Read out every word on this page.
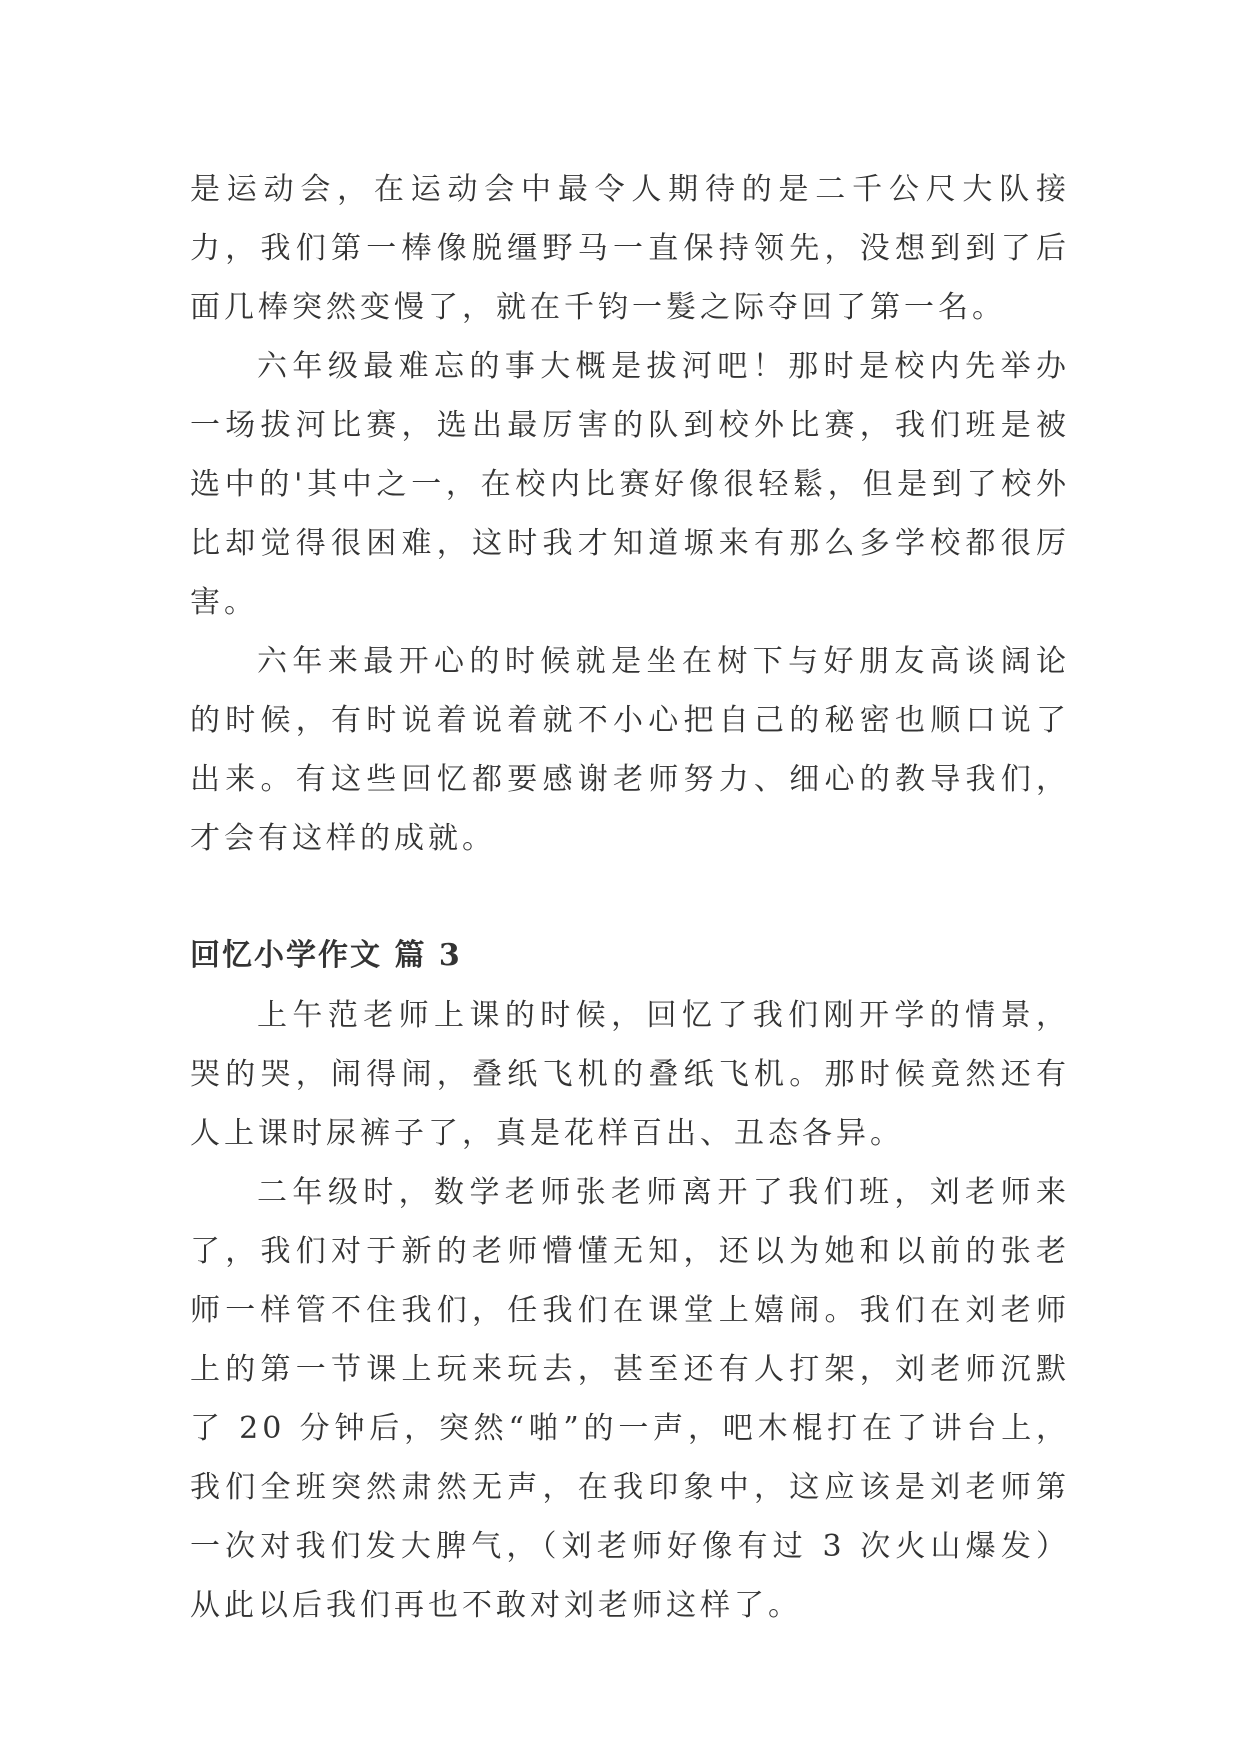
是运动会，在运动会中最令人期待的是二千公尺大队接力，我们第一棒像脱缰野马一直保持领先，没想到到了后面几棒突然变慢了，就在千钧一髮之际夺回了第一名。

六年级最难忘的事大概是拔河吧！那时是校内先举办一场拔河比赛，选出最厉害的队到校外比赛，我们班是被选中的'其中之一，在校内比赛好像很轻鬆，但是到了校外比却觉得很困难，这时我才知道塬来有那么多学校都很厉害。

六年来最开心的时候就是坐在树下与好朋友高谈阔论的时候，有时说着说着就不小心把自己的秘密也顺口说了出来。有这些回忆都要感谢老师努力、细心的教导我们，才会有这样的成就。

回忆小学作文 篇 3

上午范老师上课的时候，回忆了我们刚开学的情景，哭的哭，闹得闹，叠纸飞机的叠纸飞机。那时候竟然还有人上课时尿裤子了，真是花样百出、丑态各异。

二年级时，数学老师张老师离开了我们班，刘老师来了，我们对于新的老师懵懂无知，还以为她和以前的张老师一样管不住我们，任我们在课堂上嬉闹。我们在刘老师上的第一节课上玩来玩去，甚至还有人打架，刘老师沉默了 20 分钟后，突然“啪”的一声，吧木棍打在了讲台上，我们全班突然肃然无声，在我印象中，这应该是刘老师第一次对我们发大脾气，（刘老师好像有过 3 次火山爆发）从此以后我们再也不敢对刘老师这样了。
